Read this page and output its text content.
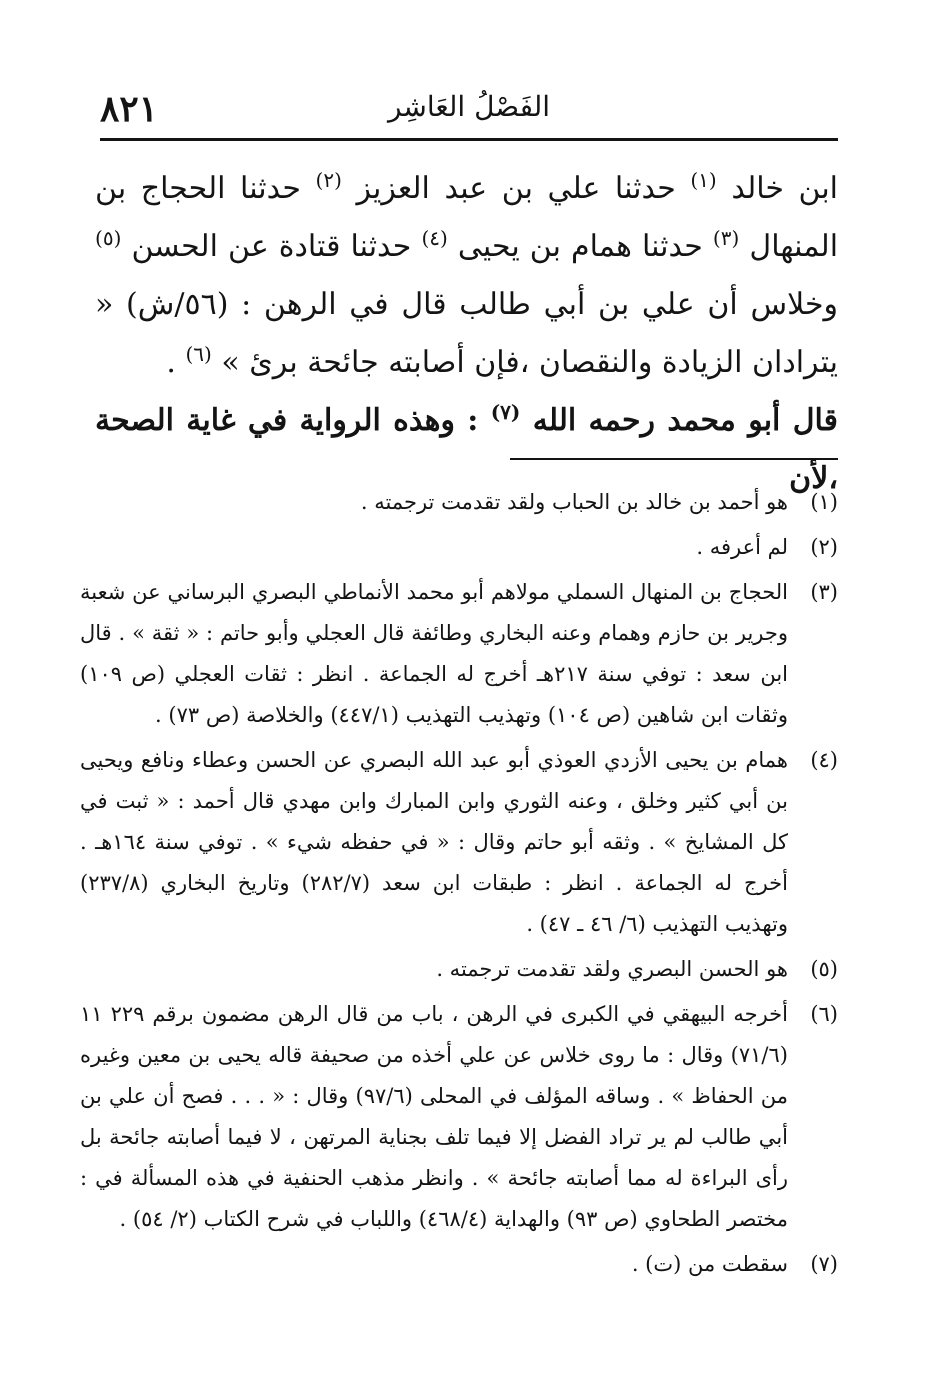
٨٢١	الفَصْلُ العَاشِر

ابن خالد $^{(١)}$ حدثنا علي بن عبد العزيز $^{(٢)}$ حدثنا الحجاج بن المنهال $^{(٣)}$ حدثنا همام بن يحيى $^{(٤)}$ حدثنا قتادة عن الحسن $^{(٥)}$ وخلاس أن علي بن أبي طالب قال في الرهن : (٥٦/ش) « يترادان الزيادة والنقصان ،فإن أصابته جائحة برئ » $^{(٦)}$ .

قال أبو محمد رحمه الله $^{(٧)}$ : وهذه الرواية في غاية الصحة ،لأن

(١)
هو أحمد بن خالد بن الحباب ولقد تقدمت ترجمته .
(٢)
لم أعرفه .
(٣)
الحجاج بن المنهال السملي مولاهم أبو محمد الأنماطي البصري البرساني عن شعبة وجرير بن حازم وهمام وعنه البخاري وطائفة قال العجلي وأبو حاتم : « ثقة » . قال ابن سعد : توفي سنة ٢١٧هـ أخرج له الجماعة . انظر : ثقات العجلي (ص ١٠٩) وثقات ابن شاهين (ص ١٠٤) وتهذيب التهذيب (٤٤٧/١) والخلاصة (ص ٧٣) .
(٤)
همام بن يحيى الأزدي العوذي أبو عبد الله البصري عن الحسن وعطاء ونافع ويحيى بن أبي كثير وخلق ، وعنه الثوري وابن المبارك وابن مهدي قال أحمد : « ثبت في كل المشايخ » . وثقه أبو حاتم وقال : « في حفظه شيء » . توفي سنة ١٦٤هـ . أخرج له الجماعة . انظر : طبقات ابن سعد (٢٨٢/٧) وتاريخ البخاري (٢٣٧/٨) وتهذيب التهذيب (٦/ ٤٦ ـ ٤٧) .
(٥)
هو الحسن البصري ولقد تقدمت ترجمته .
(٦)
أخرجه البيهقي في الكبرى في الرهن ، باب من قال الرهن مضمون برقم ٢٢٩ ١١ (٧١/٦) وقال : ما روى خلاس عن علي أخذه من صحيفة قاله يحيى بن معين وغيره من الحفاظ » . وساقه المؤلف في المحلى (٩٧/٦) وقال : « . . . فصح أن علي بن أبي طالب لم ير تراد الفضل إلا فيما تلف بجناية المرتهن ، لا فيما أصابته جائحة بل رأى البراءة له مما أصابته جائحة » . وانظر مذهب الحنفية في هذه المسألة في : مختصر الطحاوي (ص ٩٣) والهداية (٤٦٨/٤) واللباب في شرح الكتاب (٢/ ٥٤) .
(٧)
سقطت من (ت) .
